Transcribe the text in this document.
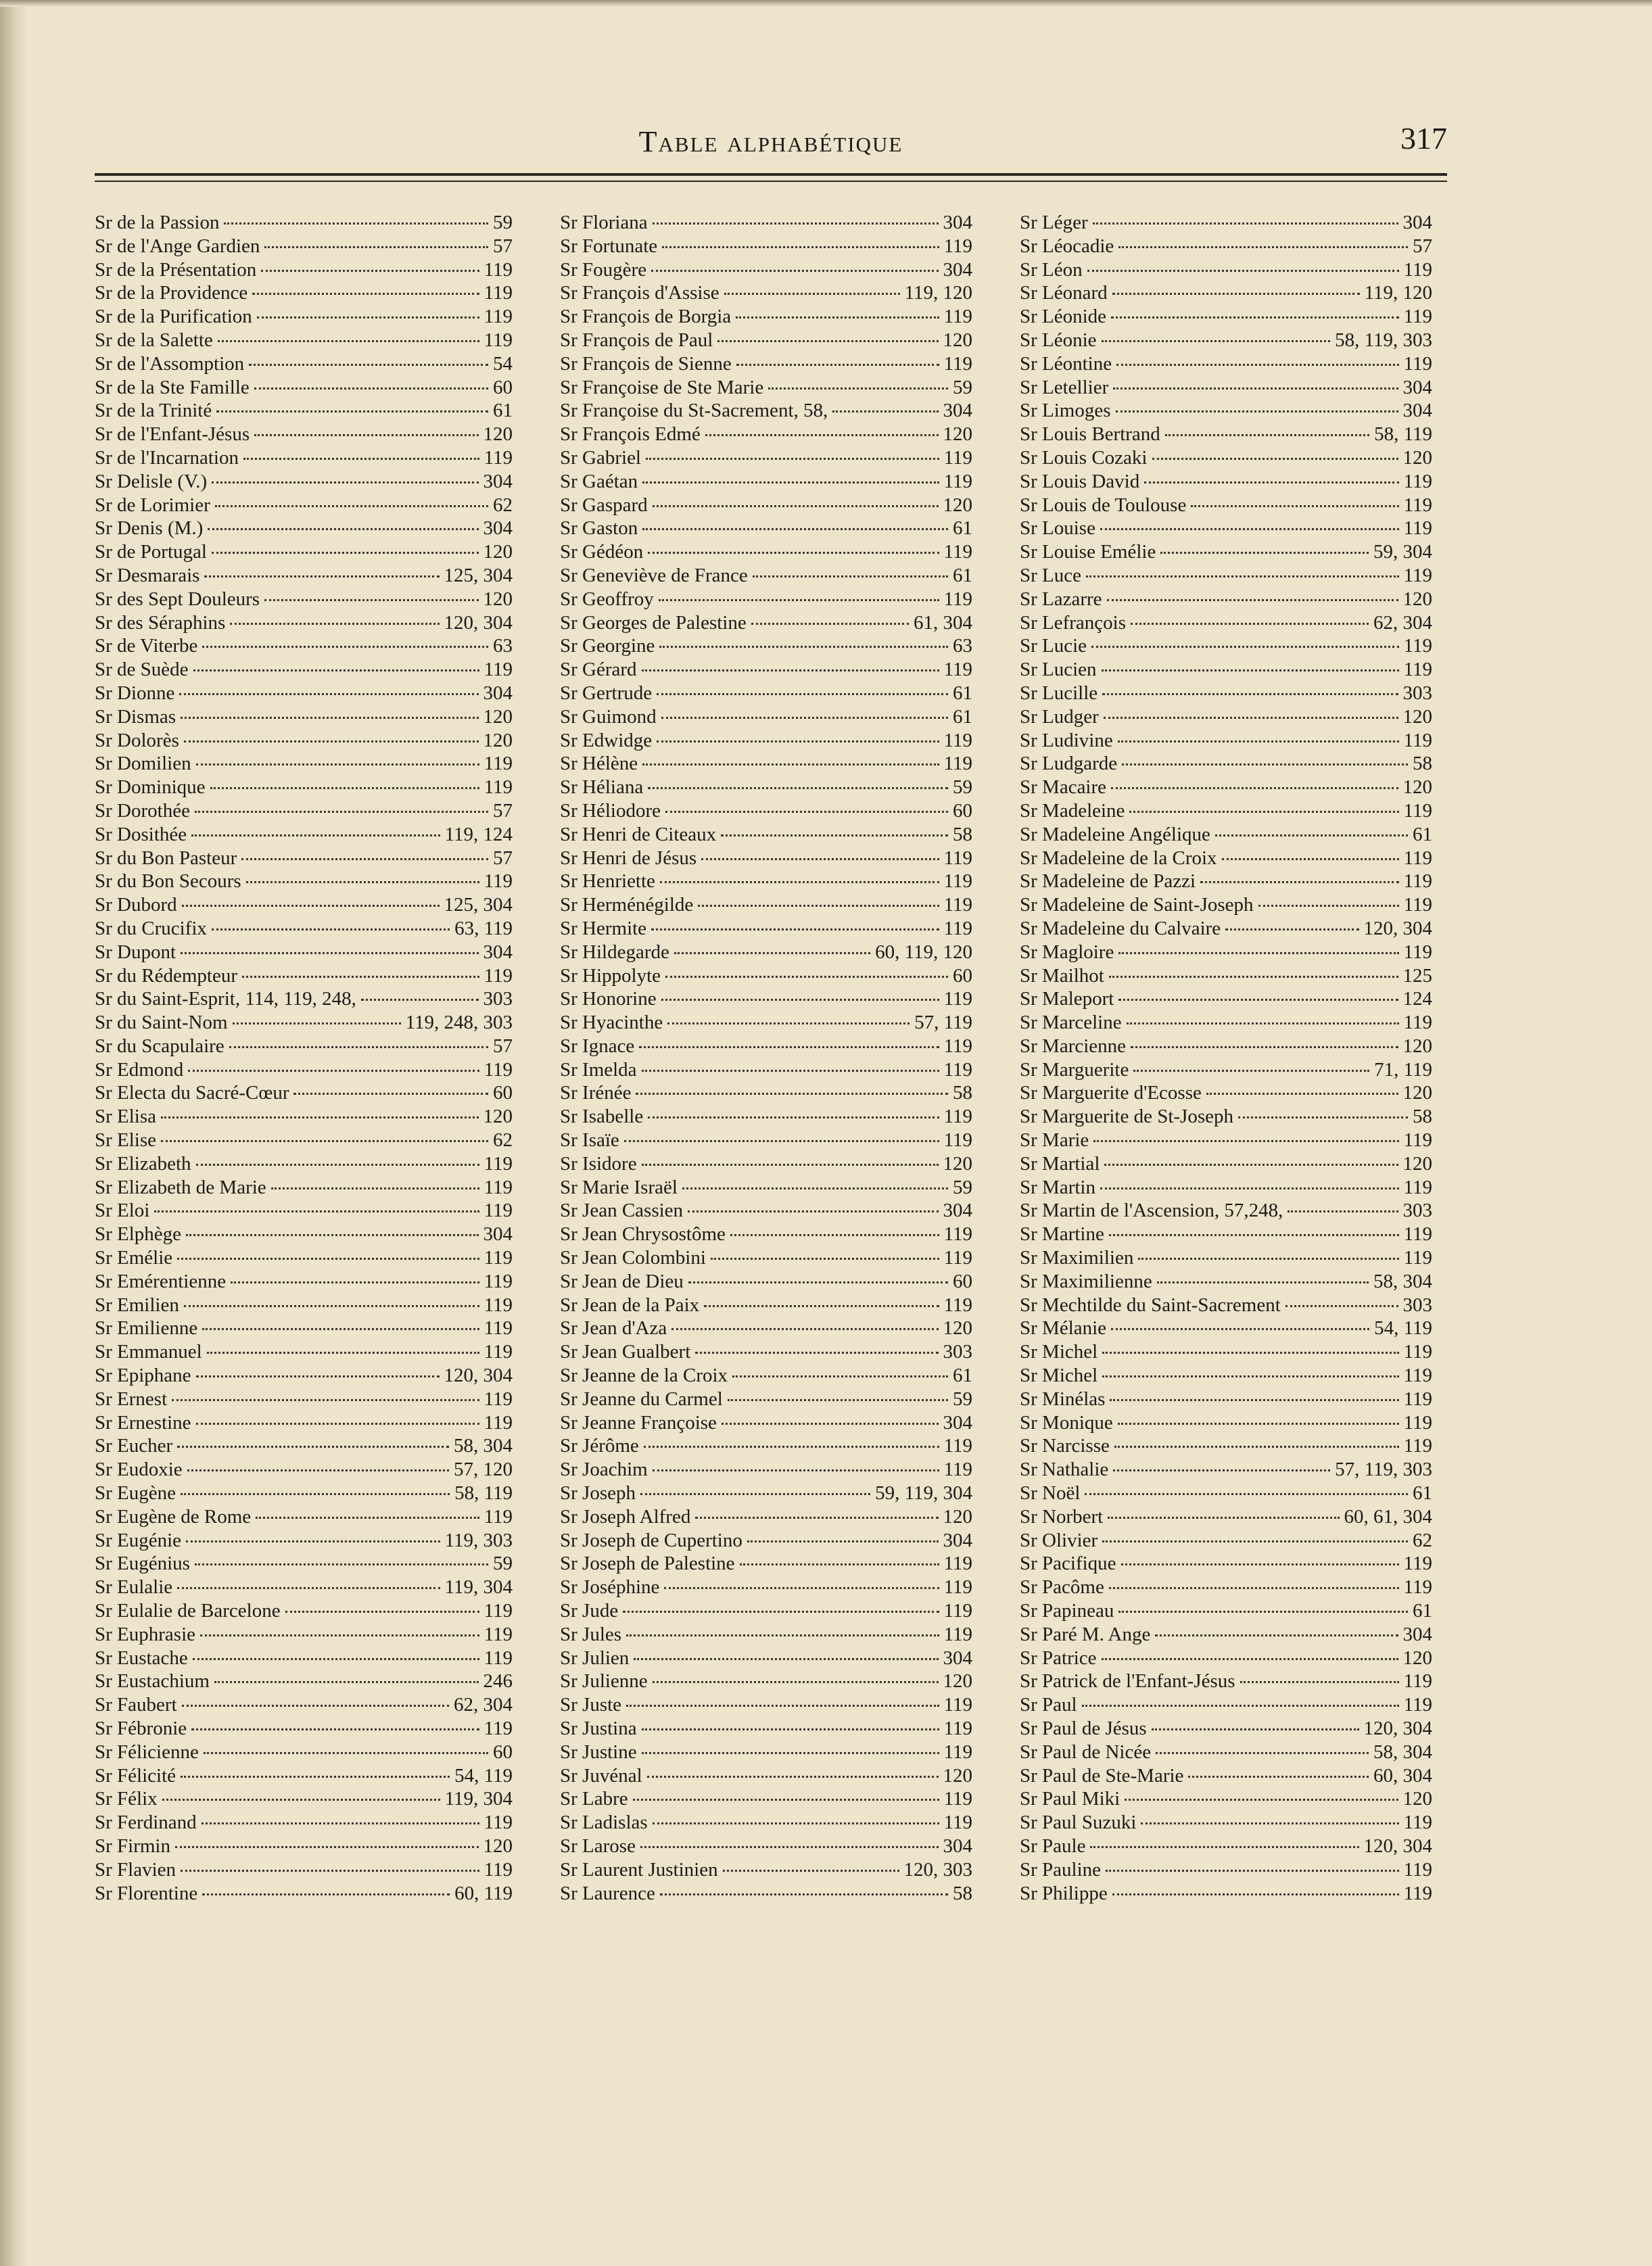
Table alphabétique	317
Sr de la Passion	59
Sr de l'Ange Gardien	57
Sr de la Présentation	119
Sr de la Providence	119
Sr de la Purification	119
Sr de la Salette	119
Sr de l'Assomption	54
Sr de la Ste Famille	60
Sr de la Trinité	61
Sr de l'Enfant-Jésus	120
Sr de l'Incarnation	119
Sr Delisle (V.)	304
Sr de Lorimier	62
Sr Denis (M.)	304
Sr de Portugal	120
Sr Desmarais	125, 304
Sr des Sept Douleurs	120
Sr des Séraphins	120, 304
Sr de Viterbe	63
Sr de Suède	119
Sr Dionne	304
Sr Dismas	120
Sr Dolorès	120
Sr Domilien	119
Sr Dominique	119
Sr Dorothée	57
Sr Dosithée	119, 124
Sr du Bon Pasteur	57
Sr du Bon Secours	119
Sr Dubord	125, 304
Sr du Crucifix	63, 119
Sr Dupont	304
Sr du Rédempteur	119
Sr du Saint-Esprit, 114, 119, 248,	303
Sr du Saint-Nom	119, 248, 303
Sr du Scapulaire	57
Sr Edmond	119
Sr Electa du Sacré-Cœur	60
Sr Elisa	120
Sr Elise	62
Sr Elizabeth	119
Sr Elizabeth de Marie	119
Sr Eloi	119
Sr Elphège	304
Sr Emélie	119
Sr Emérentienne	119
Sr Emilien	119
Sr Emilienne	119
Sr Emmanuel	119
Sr Epiphane	120, 304
Sr Ernest	119
Sr Ernestine	119
Sr Eucher	58, 304
Sr Eudoxie	57, 120
Sr Eugène	58, 119
Sr Eugène de Rome	119
Sr Eugénie	119, 303
Sr Eugénius	59
Sr Eulalie	119, 304
Sr Eulalie de Barcelone	119
Sr Euphrasie	119
Sr Eustache	119
Sr Eustachium	246
Sr Faubert	62, 304
Sr Fébronie	119
Sr Félicienne	60
Sr Félicité	54, 119
Sr Félix	119, 304
Sr Ferdinand	119
Sr Firmin	120
Sr Flavien	119
Sr Florentine	60, 119
Sr Floriana	304
Sr Fortunate	119
Sr Fougère	304
Sr François d'Assise	119, 120
Sr François de Borgia	119
Sr François de Paul	120
Sr François de Sienne	119
Sr Françoise de Ste Marie	59
Sr Françoise du St-Sacrement, 58,	304
Sr François Edmé	120
Sr Gabriel	119
Sr Gaétan	119
Sr Gaspard	120
Sr Gaston	61
Sr Gédéon	119
Sr Geneviève de France	61
Sr Geoffroy	119
Sr Georges de Palestine	61, 304
Sr Georgine	63
Sr Gérard	119
Sr Gertrude	61
Sr Guimond	61
Sr Edwidge	119
Sr Hélène	119
Sr Héliana	59
Sr Héliodore	60
Sr Henri de Citeaux	58
Sr Henri de Jésus	119
Sr Henriette	119
Sr Herménégilde	119
Sr Hermite	119
Sr Hildegarde	60, 119, 120
Sr Hippolyte	60
Sr Honorine	119
Sr Hyacinthe	57, 119
Sr Ignace	119
Sr Imelda	119
Sr Irénée	58
Sr Isabelle	119
Sr Isaïe	119
Sr Isidore	120
Sr Marie Israël	59
Sr Jean Cassien	304
Sr Jean Chrysostôme	119
Sr Jean Colombini	119
Sr Jean de Dieu	60
Sr Jean de la Paix	119
Sr Jean d'Aza	120
Sr Jean Gualbert	303
Sr Jeanne de la Croix	61
Sr Jeanne du Carmel	59
Sr Jeanne Françoise	304
Sr Jérôme	119
Sr Joachim	119
Sr Joseph	59, 119, 304
Sr Joseph Alfred	120
Sr Joseph de Cupertino	304
Sr Joseph de Palestine	119
Sr Joséphine	119
Sr Jude	119
Sr Jules	119
Sr Julien	304
Sr Julienne	120
Sr Juste	119
Sr Justina	119
Sr Justine	119
Sr Juvénal	120
Sr Labre	119
Sr Ladislas	119
Sr Larose	304
Sr Laurent Justinien	120, 303
Sr Laurence	58
Sr Léger	304
Sr Léocadie	57
Sr Léon	119
Sr Léonard	119, 120
Sr Léonide	119
Sr Léonie	58, 119, 303
Sr Léontine	119
Sr Letellier	304
Sr Limoges	304
Sr Louis Bertrand	58, 119
Sr Louis Cozaki	120
Sr Louis David	119
Sr Louis de Toulouse	119
Sr Louise	119
Sr Louise Emélie	59, 304
Sr Luce	119
Sr Lazarre	120
Sr Lefrançois	62, 304
Sr Lucie	119
Sr Lucien	119
Sr Lucille	303
Sr Ludger	120
Sr Ludivine	119
Sr Ludgarde	58
Sr Macaire	120
Sr Madeleine	119
Sr Madeleine Angélique	61
Sr Madeleine de la Croix	119
Sr Madeleine de Pazzi	119
Sr Madeleine de Saint-Joseph	119
Sr Madeleine du Calvaire	120, 304
Sr Magloire	119
Sr Mailhot	125
Sr Maleport	124
Sr Marceline	119
Sr Marcienne	120
Sr Marguerite	71, 119
Sr Marguerite d'Ecosse	120
Sr Marguerite de St-Joseph	58
Sr Marie	119
Sr Martial	120
Sr Martin	119
Sr Martin de l'Ascension, 57,248,	303
Sr Martine	119
Sr Maximilien	119
Sr Maximilienne	58, 304
Sr Mechtilde du Saint-Sacrement	303
Sr Mélanie	54, 119
Sr Michel	119
Sr Michel	119
Sr Minélas	119
Sr Monique	119
Sr Narcisse	119
Sr Nathalie	57, 119, 303
Sr Noël	61
Sr Norbert	60, 61, 304
Sr Olivier	62
Sr Pacifique	119
Sr Pacôme	119
Sr Papineau	61
Sr Paré M. Ange	304
Sr Patrice	120
Sr Patrick de l'Enfant-Jésus	119
Sr Paul	119
Sr Paul de Jésus	120, 304
Sr Paul de Nicée	58, 304
Sr Paul de Ste-Marie	60, 304
Sr Paul Miki	120
Sr Paul Suzuki	119
Sr Paule	120, 304
Sr Pauline	119
Sr Philippe	119
